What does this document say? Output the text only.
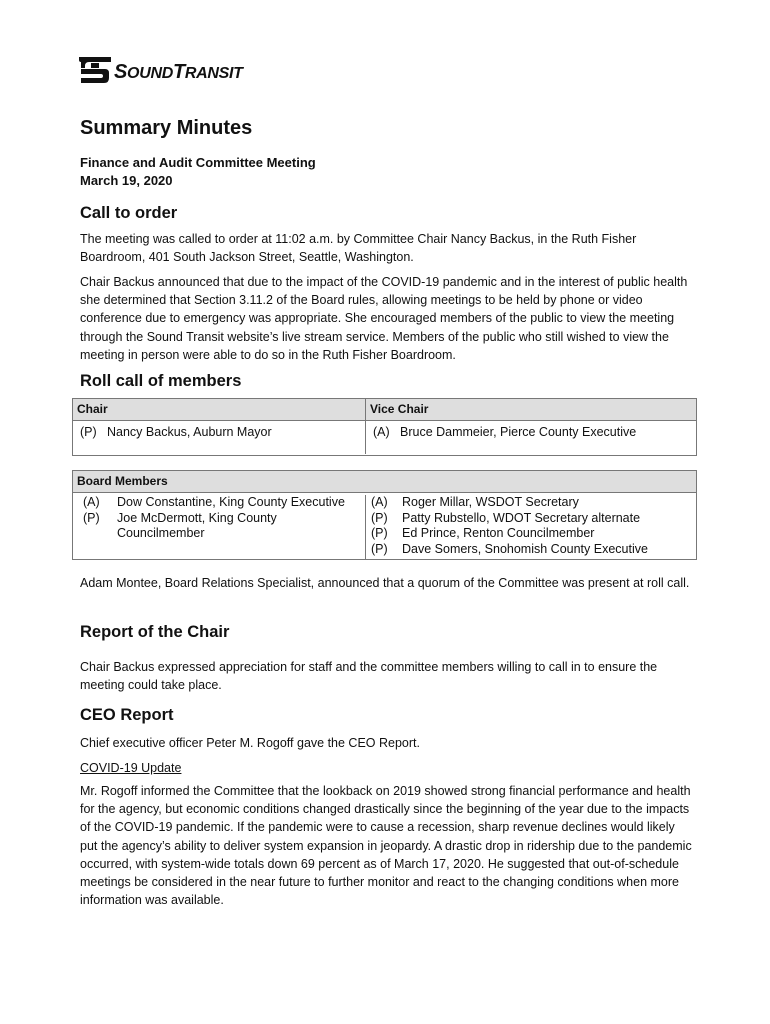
SOUNDTRANSIT
Summary Minutes
Finance and Audit Committee Meeting
March 19, 2020
Call to order

The meeting was called to order at 11:02 a.m. by Committee Chair Nancy Backus, in the Ruth Fisher Boardroom, 401 South Jackson Street, Seattle, Washington.

Chair Backus announced that due to the impact of the COVID-19 pandemic and in the interest of public health she determined that Section 3.11.2 of the Board rules, allowing meetings to be held by phone or video conference due to emergency was appropriate. She encouraged members of the public to view the meeting through the Sound Transit website’s live stream service. Members of the public who still wished to view the meeting in person were able to do so in the Ruth Fisher Boardroom.

Roll call of members
Chair	Vice Chair
(P) Nancy Backus, Auburn Mayor	(A) Bruce Dammeier, Pierce County Executive
Board Members
(A)	Dow Constantine, King County Executive
(P)	Joe McDermott, King County Councilmember
(A)	Roger Millar, WSDOT Secretary
(P)	Patty Rubstello, WDOT Secretary alternate
(P)	Ed Prince, Renton Councilmember
(P)	Dave Somers, Snohomish County Executive

Adam Montee, Board Relations Specialist, announced that a quorum of the Committee was present at roll call.

Report of the Chair

Chair Backus expressed appreciation for staff and the committee members willing to call in to ensure the meeting could take place.

CEO Report

Chief executive officer Peter M. Rogoff gave the CEO Report.

COVID-19 Update

Mr. Rogoff informed the Committee that the lookback on 2019 showed strong financial performance and health for the agency, but economic conditions changed drastically since the beginning of the year due to the impacts of the COVID-19 pandemic. If the pandemic were to cause a recession, sharp revenue declines would likely put the agency’s ability to deliver system expansion in jeopardy. A drastic drop in ridership due to the pandemic occurred, with system-wide totals down 69 percent as of March 17, 2020. He suggested that out-of-schedule meetings be considered in the near future to further monitor and react to the changing conditions when more information was available.
